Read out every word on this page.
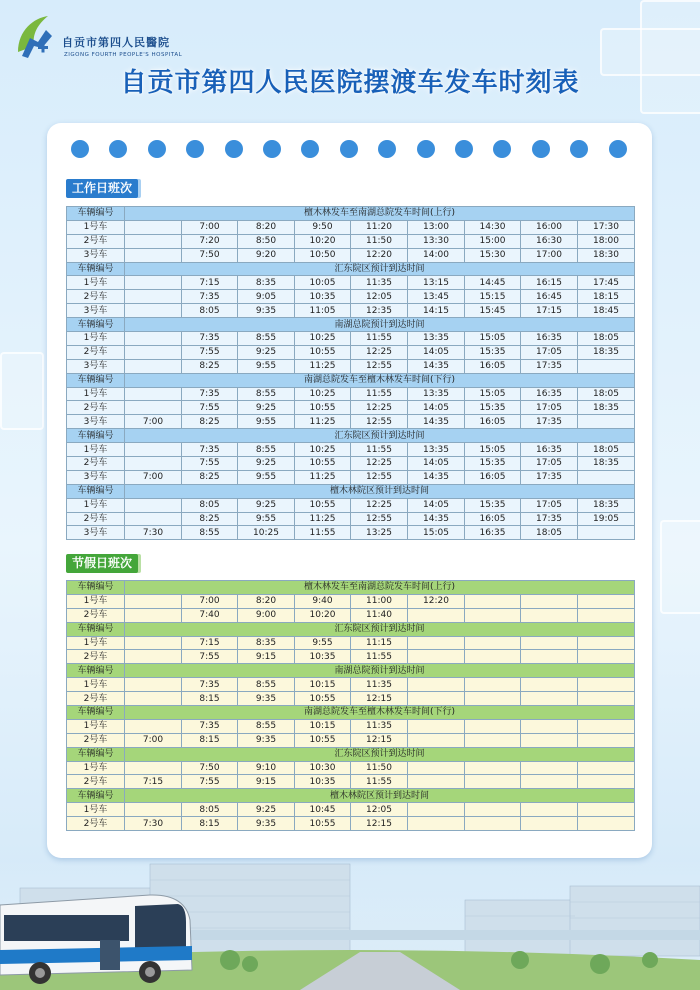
自贡市第四人民醫院
ZIGONG FOURTH PEOPLE'S HOSPITAL
自贡市第四人民医院摆渡车发车时刻表
工作日班次
车辆编号	檀木林发车至南湖总院发车时间(上行)								
1号车		7:00	8:20	9:50	11:20	13:00	14:30	16:00	17:30
2号车		7:20	8:50	10:20	11:50	13:30	15:00	16:30	18:00
3号车		7:50	9:20	10:50	12:20	14:00	15:30	17:00	18:30
车辆编号	汇东院区预计到达时间								
1号车		7:15	8:35	10:05	11:35	13:15	14:45	16:15	17:45
2号车		7:35	9:05	10:35	12:05	13:45	15:15	16:45	18:15
3号车		8:05	9:35	11:05	12:35	14:15	15:45	17:15	18:45
车辆编号	南湖总院预计到达时间								
1号车		7:35	8:55	10:25	11:55	13:35	15:05	16:35	18:05
2号车		7:55	9:25	10:55	12:25	14:05	15:35	17:05	18:35
3号车		8:25	9:55	11:25	12:55	14:35	16:05	17:35	
车辆编号	南湖总院发车至檀木林发车时间(下行)								
1号车		7:35	8:55	10:25	11:55	13:35	15:05	16:35	18:05
2号车		7:55	9:25	10:55	12:25	14:05	15:35	17:05	18:35
3号车	7:00	8:25	9:55	11:25	12:55	14:35	16:05	17:35	
车辆编号	汇东院区预计到达时间								
1号车		7:35	8:55	10:25	11:55	13:35	15:05	16:35	18:05
2号车		7:55	9:25	10:55	12:25	14:05	15:35	17:05	18:35
3号车	7:00	8:25	9:55	11:25	12:55	14:35	16:05	17:35	
车辆编号	檀木林院区预计到达时间								
1号车		8:05	9:25	10:55	12:25	14:05	15:35	17:05	18:35
2号车		8:25	9:55	11:25	12:55	14:35	16:05	17:35	19:05
3号车	7:30	8:55	10:25	11:55	13:25	15:05	16:35	18:05	
节假日班次
车辆编号	檀木林发车至南湖总院发车时间(上行)								
1号车		7:00	8:20	9:40	11:00	12:20			
2号车		7:40	9:00	10:20	11:40				
车辆编号	汇东院区预计到达时间								
1号车		7:15	8:35	9:55	11:15				
2号车		7:55	9:15	10:35	11:55				
车辆编号	南湖总院预计到达时间								
1号车		7:35	8:55	10:15	11:35				
2号车		8:15	9:35	10:55	12:15				
车辆编号	南湖总院发车至檀木林发车时间(下行)								
1号车		7:35	8:55	10:15	11:35				
2号车	7:00	8:15	9:35	10:55	12:15				
车辆编号	汇东院区预计到达时间								
1号车		7:50	9:10	10:30	11:50				
2号车	7:15	7:55	9:15	10:35	11:55				
车辆编号	檀木林院区预计到达时间								
1号车		8:05	9:25	10:45	12:05				
2号车	7:30	8:15	9:35	10:55	12:15				
